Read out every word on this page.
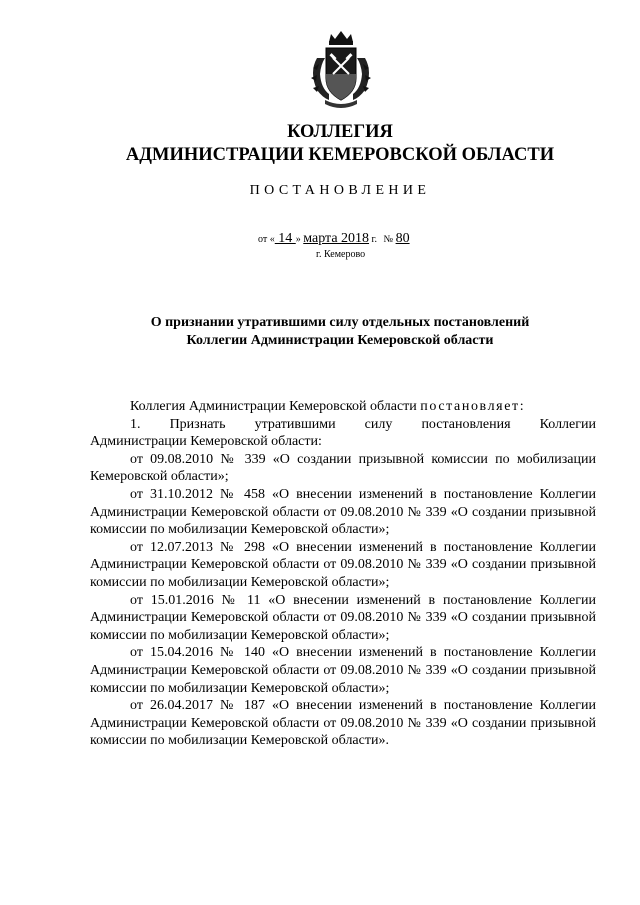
КОЛЛЕГИЯ
АДМИНИСТРАЦИИ КЕМЕРОВСКОЙ ОБЛАСТИ
ПОСТАНОВЛЕНИЕ
от « 14 » марта 2018 г. № 80
г. Кемерово
О признании утратившими силу отдельных постановлений
Коллегии Администрации Кемеровской области

Коллегия Администрации Кемеровской области постановляет:

1. Признать утратившими силу постановления Коллегии

Администрации Кемеровской области:

от 09.08.2010 № 339 «О создании призывной комиссии по мобилизации Кемеровской области»;

от 31.10.2012 № 458 «О внесении изменений в постановление Коллегии Администрации Кемеровской области от 09.08.2010 № 339 «О создании призывной комиссии по мобилизации Кемеровской области»;

от 12.07.2013 № 298 «О внесении изменений в постановление Коллегии Администрации Кемеровской области от 09.08.2010 № 339 «О создании призывной комиссии по мобилизации Кемеровской области»;

от 15.01.2016 № 11 «О внесении изменений в постановление Коллегии Администрации Кемеровской области от 09.08.2010 № 339 «О создании призывной комиссии по мобилизации Кемеровской области»;

от 15.04.2016 № 140 «О внесении изменений в постановление Коллегии Администрации Кемеровской области от 09.08.2010 № 339 «О создании призывной комиссии по мобилизации Кемеровской области»;

от 26.04.2017 № 187 «О внесении изменений в постановление Коллегии Администрации Кемеровской области от 09.08.2010 № 339 «О создании призывной комиссии по мобилизации Кемеровской области».
